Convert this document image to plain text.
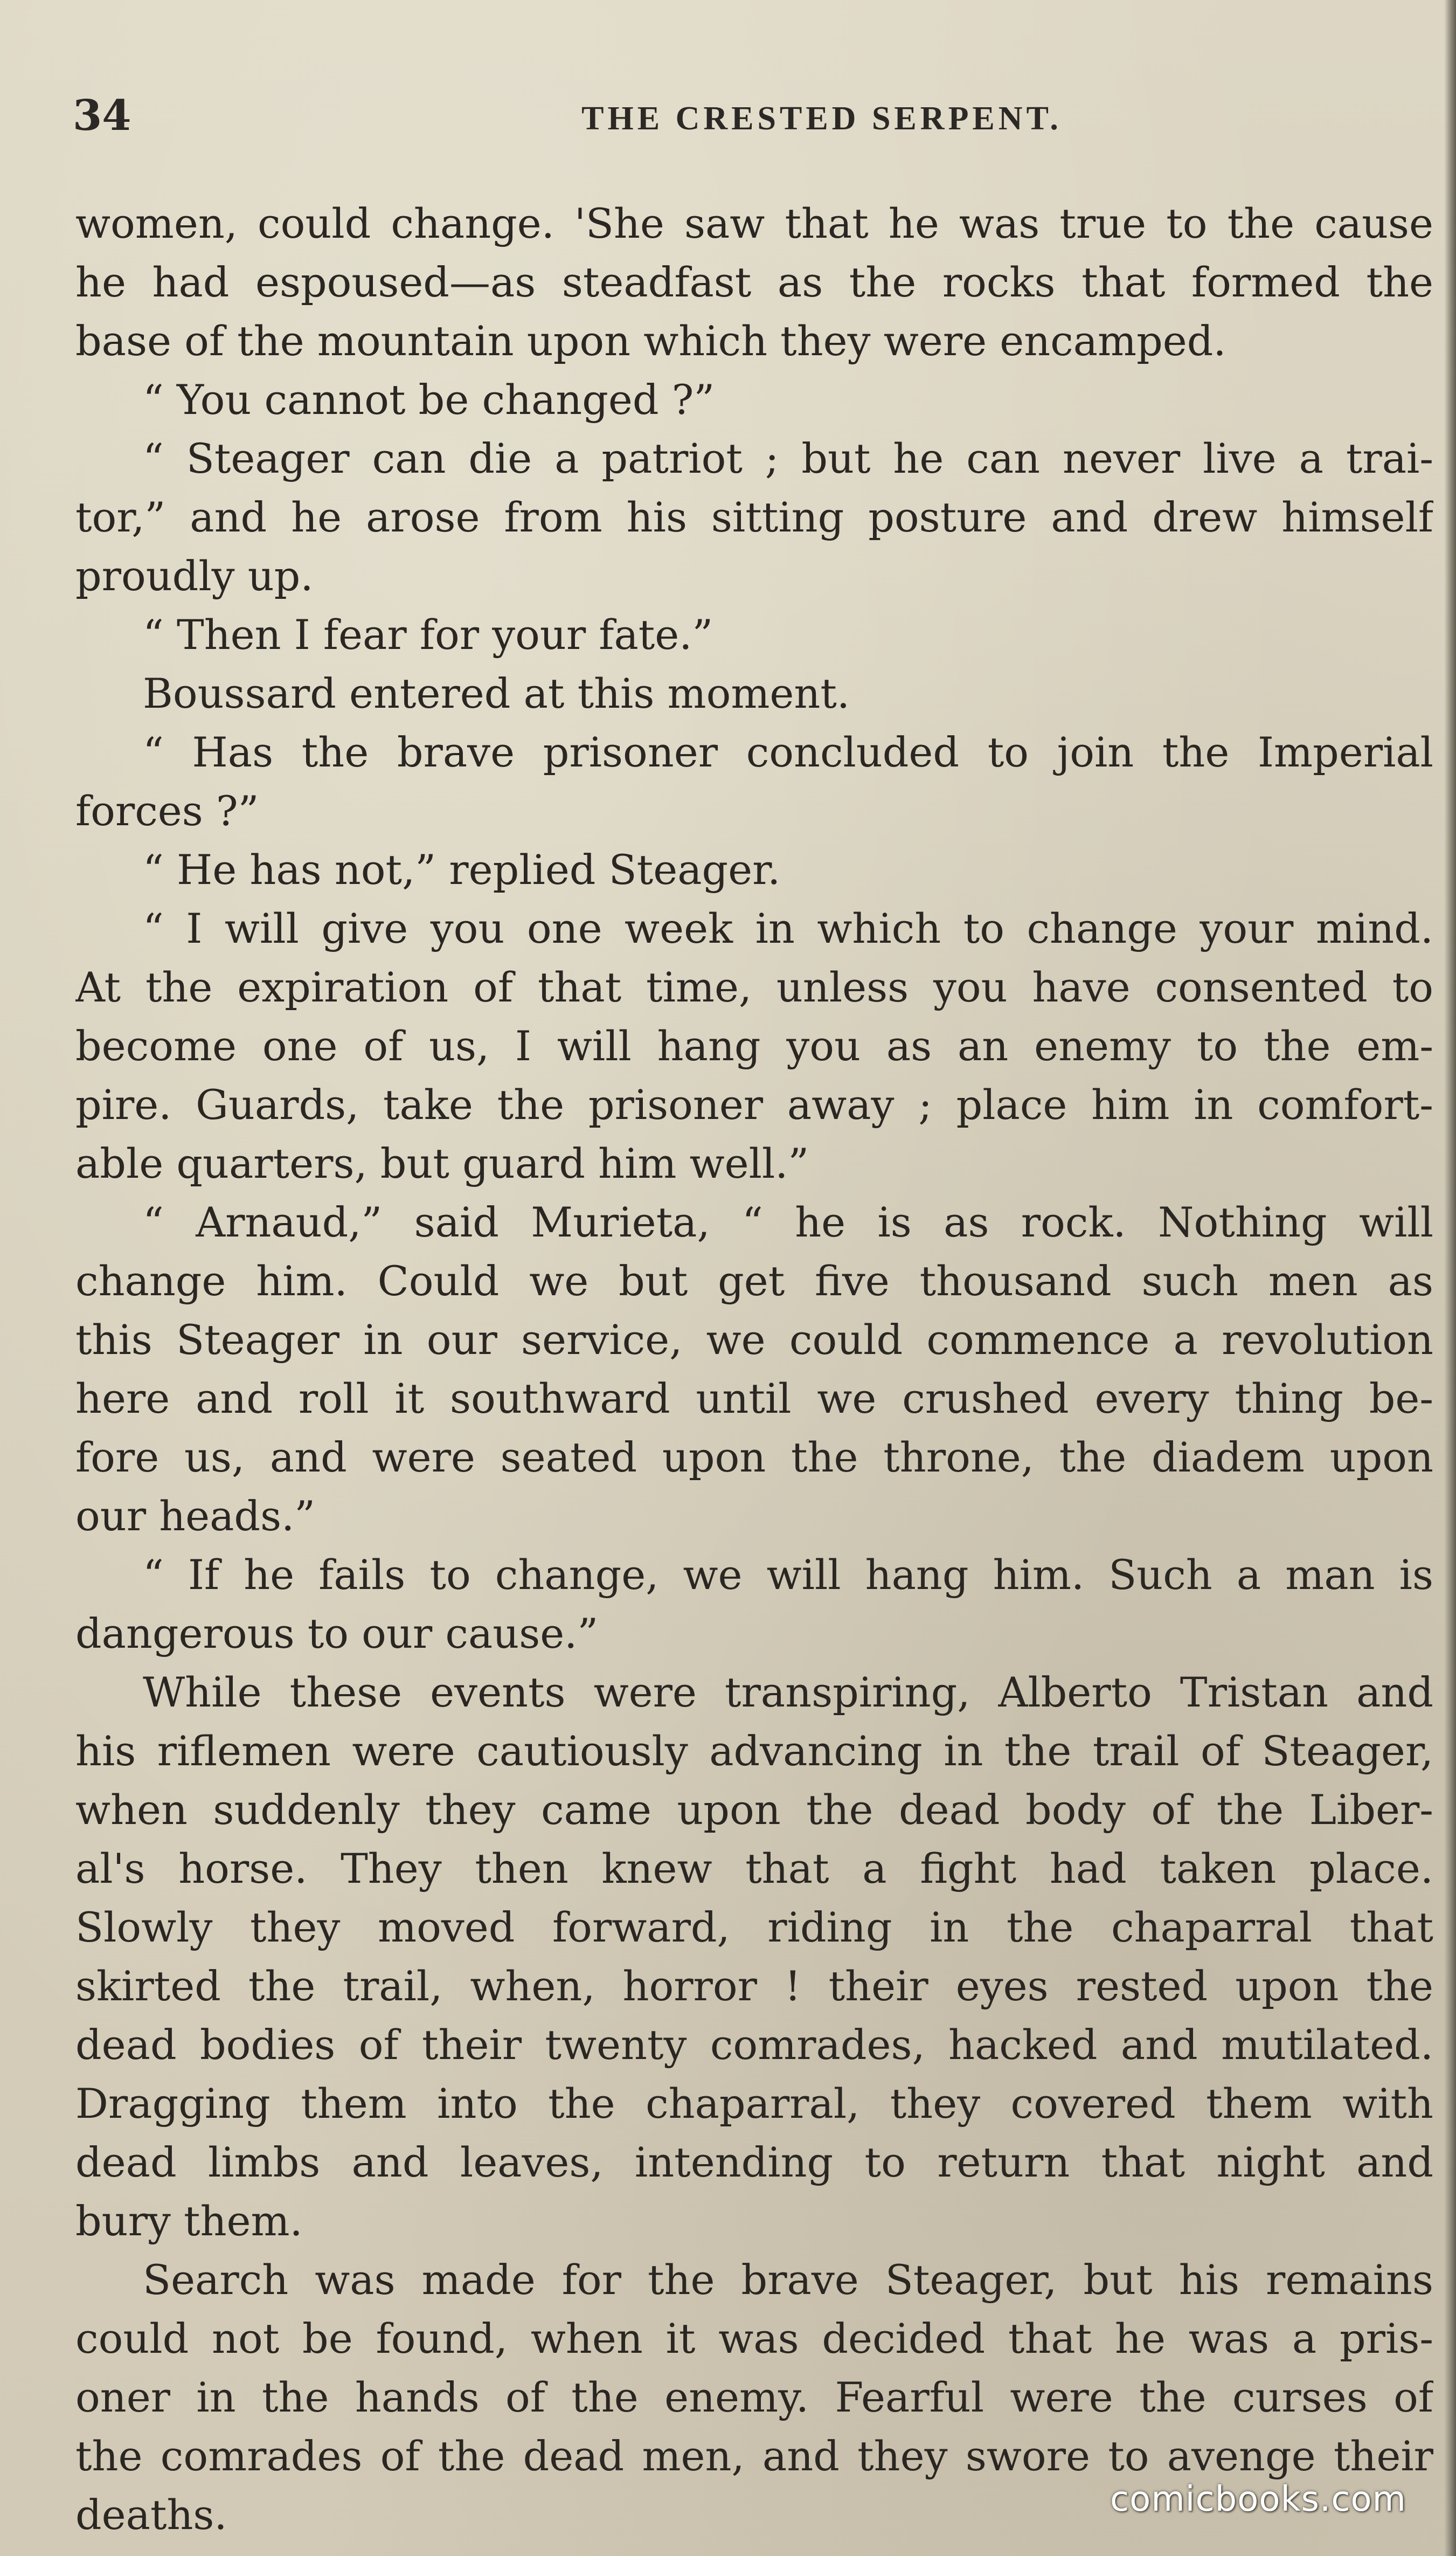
34	THE CRESTED SERPENT.
women, could change. 'She saw that he was true to the cause
he had espoused—as steadfast as the rocks that formed the
base of the mountain upon which they were encamped.
“ You cannot be changed ?”
“ Steager can die a patriot ; but he can never live a trai-
tor,” and he arose from his sitting posture and drew himself
proudly up.
“ Then I fear for your fate.”
Boussard entered at this moment.
“ Has the brave prisoner concluded to join the Imperial
forces ?”
“ He has not,” replied Steager.
“ I will give you one week in which to change your mind.
At the expiration of that time, unless you have consented to
become one of us, I will hang you as an enemy to the em-
pire. Guards, take the prisoner away ; place him in comfort-
able quarters, but guard him well.”
“ Arnaud,” said Murieta, “ he is as rock. Nothing will
change him. Could we but get five thousand such men as
this Steager in our service, we could commence a revolution
here and roll it southward until we crushed every thing be-
fore us, and were seated upon the throne, the diadem upon
our heads.”
“ If he fails to change, we will hang him. Such a man is
dangerous to our cause.”
While these events were transpiring, Alberto Tristan and
his riflemen were cautiously advancing in the trail of Steager,
when suddenly they came upon the dead body of the Liber-
al's horse. They then knew that a fight had taken place.
Slowly they moved forward, riding in the chaparral that
skirted the trail, when, horror ! their eyes rested upon the
dead bodies of their twenty comrades, hacked and mutilated.
Dragging them into the chaparral, they covered them with
dead limbs and leaves, intending to return that night and
bury them.
Search was made for the brave Steager, but his remains
could not be found, when it was decided that he was a pris-
oner in the hands of the enemy. Fearful were the curses of
the comrades of the dead men, and they swore to avenge their
deaths.	comicbooks.com
